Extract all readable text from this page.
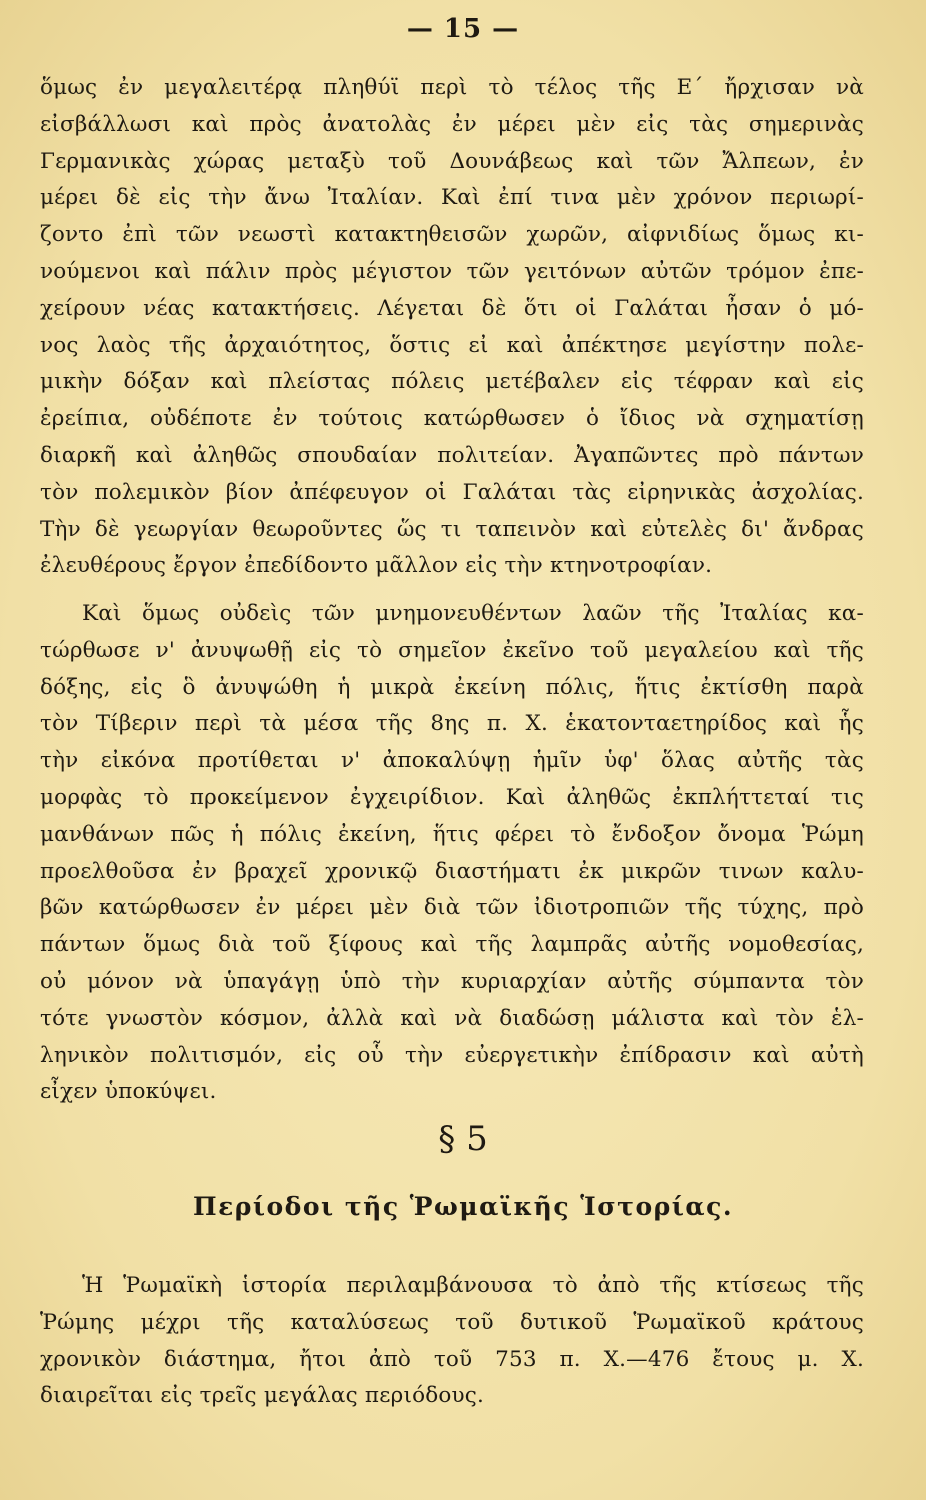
— 15 —
ὅμως ἐν μεγαλειτέρᾳ πληθύϊ περὶ τὸ τέλος τῆς Ε´ ἤρχισαν νὰ
εἰσβάλλωσι καὶ πρὸς ἀνατολὰς ἐν μέρει μὲν εἰς τὰς σημερινὰς
Γερμανικὰς χώρας μεταξὺ τοῦ Δουνάβεως καὶ τῶν Ἄλπεων, ἐν
μέρει δὲ εἰς τὴν ἄνω Ἰταλίαν. Καὶ ἐπί τινα μὲν χρόνον περιωρί-
ζοντο ἐπὶ τῶν νεωστὶ κατακτηθεισῶν χωρῶν, αἰφνιδίως ὅμως κι-
νούμενοι καὶ πάλιν πρὸς μέγιστον τῶν γειτόνων αὐτῶν τρόμον ἐπε-
χείρουν νέας κατακτήσεις. Λέγεται δὲ ὅτι οἱ Γαλάται ἦσαν ὁ μό-
νος λαὸς τῆς ἀρχαιότητος, ὅστις εἰ καὶ ἀπέκτησε μεγίστην πολε-
μικὴν δόξαν καὶ πλείστας πόλεις μετέβαλεν εἰς τέφραν καὶ εἰς
ἐρείπια, οὐδέποτε ἐν τούτοις κατώρθωσεν ὁ ἴδιος νὰ σχηματίσῃ
διαρκῆ καὶ ἀληθῶς σπουδαίαν πολιτείαν. Ἀγαπῶντες πρὸ πάντων
τὸν πολεμικὸν βίον ἀπέφευγον οἱ Γαλάται τὰς εἰρηνικὰς ἀσχολίας.
Τὴν δὲ γεωργίαν θεωροῦντες ὥς τι ταπεινὸν καὶ εὐτελὲς δι' ἄνδρας
ἐλευθέρους ἔργον ἐπεδίδοντο μᾶλλον εἰς τὴν κτηνοτροφίαν.
Καὶ ὅμως οὐδεὶς τῶν μνημονευθέντων λαῶν τῆς Ἰταλίας κα-
τώρθωσε ν' ἀνυψωθῇ εἰς τὸ σημεῖον ἐκεῖνο τοῦ μεγαλείου καὶ τῆς
δόξης, εἰς ὃ ἀνυψώθη ἡ μικρὰ ἐκείνη πόλις, ἥτις ἐκτίσθη παρὰ
τὸν Τίβεριν περὶ τὰ μέσα τῆς 8ης π. Χ. ἑκατονταετηρίδος καὶ ἧς
τὴν εἰκόνα προτίθεται ν' ἀποκαλύψῃ ἡμῖν ὑφ' ὅλας αὐτῆς τὰς
μορφὰς τὸ προκείμενον ἐγχειρίδιον. Καὶ ἀληθῶς ἐκπλήττεταί τις
μανθάνων πῶς ἡ πόλις ἐκείνη, ἥτις φέρει τὸ ἔνδοξον ὄνομα Ῥώμη
προελθοῦσα ἐν βραχεῖ χρονικῷ διαστήματι ἐκ μικρῶν τινων καλυ-
βῶν κατώρθωσεν ἐν μέρει μὲν διὰ τῶν ἰδιοτροπιῶν τῆς τύχης, πρὸ
πάντων ὅμως διὰ τοῦ ξίφους καὶ τῆς λαμπρᾶς αὐτῆς νομοθεσίας,
οὐ μόνον νὰ ὑπαγάγῃ ὑπὸ τὴν κυριαρχίαν αὐτῆς σύμπαντα τὸν
τότε γνωστὸν κόσμον, ἀλλὰ καὶ νὰ διαδώσῃ μάλιστα καὶ τὸν ἑλ-
ληνικὸν πολιτισμόν, εἰς οὗ τὴν εὐεργετικὴν ἐπίδρασιν καὶ αὐτὴ
εἶχεν ὑποκύψει.
§ 5
Περίοδοι τῆς Ῥωμαϊκῆς Ἱστορίας.
Ἡ Ῥωμαϊκὴ ἱστορία περιλαμβάνουσα τὸ ἀπὸ τῆς κτίσεως τῆς
Ῥώμης μέχρι τῆς καταλύσεως τοῦ δυτικοῦ Ῥωμαϊκοῦ κράτους
χρονικὸν διάστημα, ἤτοι ἀπὸ τοῦ 753 π. Χ.—476 ἔτους μ. Χ.
διαιρεῖται εἰς τρεῖς μεγάλας περιόδους.
